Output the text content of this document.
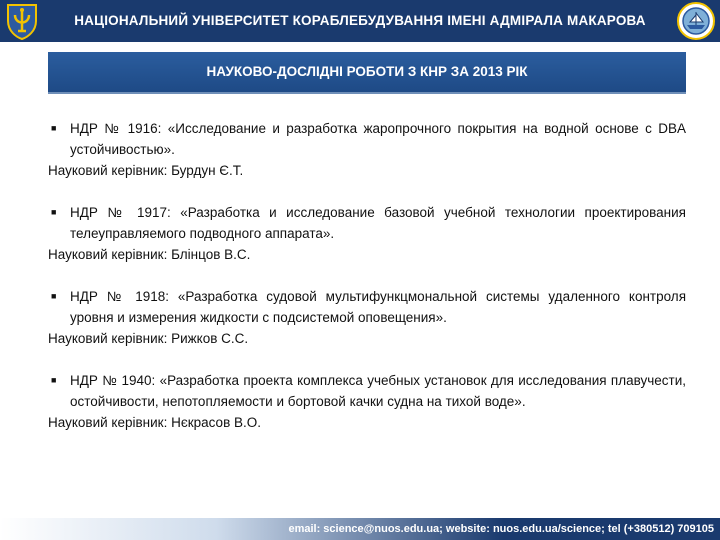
НАЦІОНАЛЬНИЙ УНІВЕРСИТЕТ КОРАБЛЕБУДУВАННЯ ІМЕНІ АДМІРАЛА МАКАРОВА
НАУКОВО-ДОСЛІДНІ РОБОТИ З КНР ЗА 2013 РІК
■	НДР № 1916: «Исследование и разработка жаропрочного покрытия на водной основе с DBA устойчивостью».
Науковий керівник: Бурдун Є.Т.
■	НДР № 1917: «Разработка и исследование базовой учебной технологии проектирования телеуправляемого подводного аппарата».
Науковий керівник: Блінцов В.С.
■	НДР № 1918: «Разработка судовой мультифункцмональной системы удаленного контроля уровня и измерения жидкости с подсистемой оповещения».
Науковий керівник: Рижков С.С.
■	НДР № 1940: «Разработка проекта комплекса учебных установок для исследования плавучести, остойчивости, непотопляемости и бортовой качки судна на тихой воде».
Науковий керівник: Нєкрасов В.О.
email: science@nuos.edu.ua; website: nuos.edu.ua/science; tel (+380512) 709105
